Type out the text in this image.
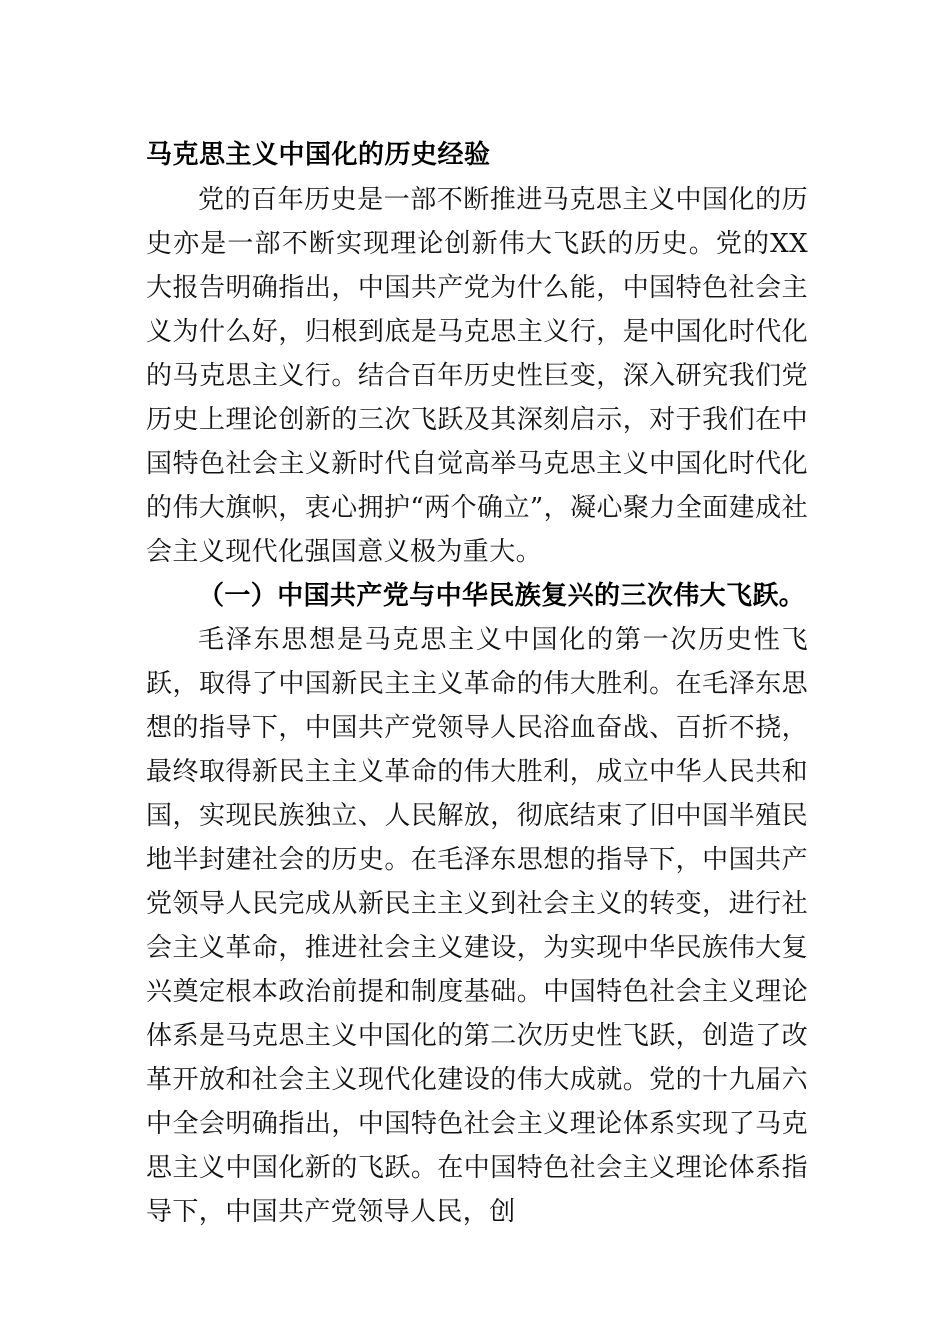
马克思主义中国化的历史经验

党的百年历史是一部不断推进马克思主义中国化的历史亦是一部不断实现理论创新伟大飞跃的历史。党的XX大报告明确指出，中国共产党为什么能，中国特色社会主义为什么好，归根到底是马克思主义行，是中国化时代化的马克思主义行。结合百年历史性巨变，深入研究我们党历史上理论创新的三次飞跃及其深刻启示，对于我们在中国特色社会主义新时代自觉高举马克思主义中国化时代化的伟大旗帜，衷心拥护“两个确立”，凝心聚力全面建成社会主义现代化强国意义极为重大。

（一）中国共产党与中华民族复兴的三次伟大飞跃。

毛泽东思想是马克思主义中国化的第一次历史性飞跃，取得了中国新民主主义革命的伟大胜利。在毛泽东思想的指导下，中国共产党领导人民浴血奋战、百折不挠，最终取得新民主主义革命的伟大胜利，成立中华人民共和国，实现民族独立、人民解放，彻底结束了旧中国半殖民地半封建社会的历史。在毛泽东思想的指导下，中国共产党领导人民完成从新民主主义到社会主义的转变，进行社会主义革命，推进社会主义建设，为实现中华民族伟大复兴奠定根本政治前提和制度基础。中国特色社会主义理论体系是马克思主义中国化的第二次历史性飞跃，创造了改革开放和社会主义现代化建设的伟大成就。党的十九届六中全会明确指出，中国特色社会主义理论体系实现了马克思主义中国化新的飞跃。在中国特色社会主义理论体系指导下，中国共产党领导人民，创
